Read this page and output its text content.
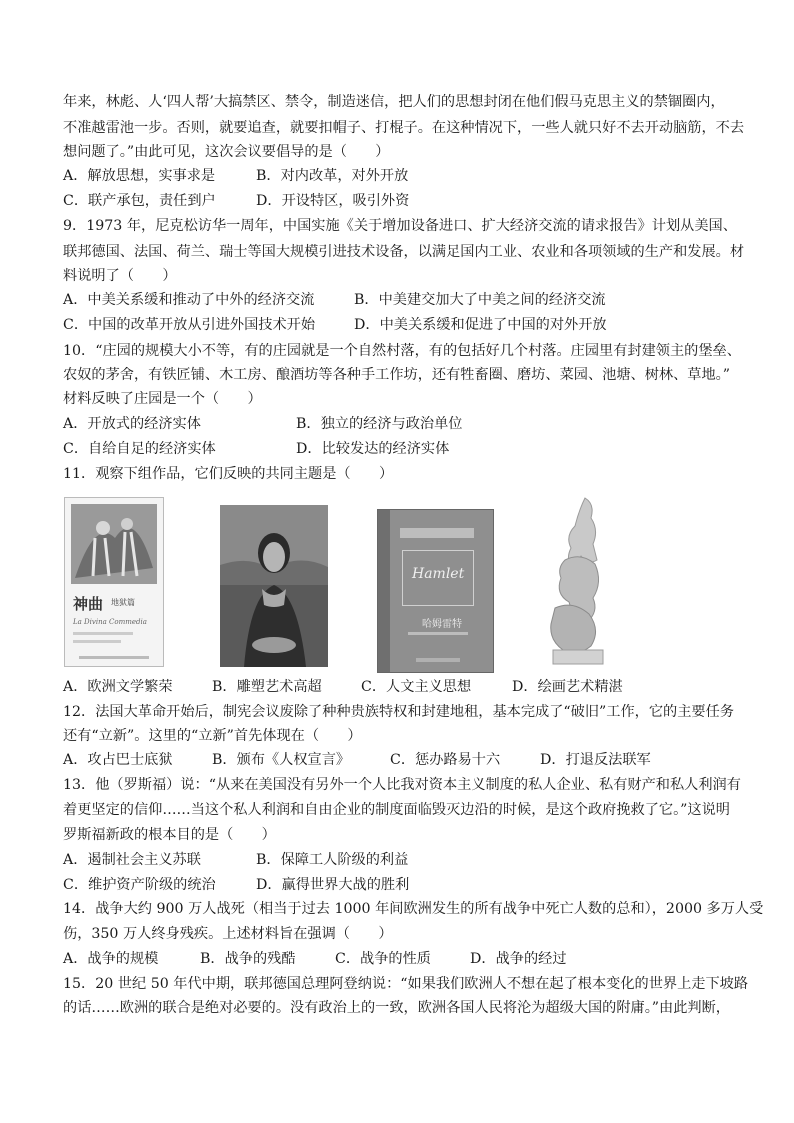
年来，林彪、人‘四人帮’大搞禁区、禁令，制造迷信，把人们的思想封闭在他们假马克思主义的禁锢圈内，
不准越雷池一步。否则，就要追查，就要扣帽子、打棍子。在这种情况下，一些人就只好不去开动脑筋，不去
想问题了。”由此可见，这次会议要倡导的是（　　）
A．解放思想，实事求是	B．对内改革，对外开放
C．联产承包，责任到户	D．开设特区，吸引外资
9．1973 年，尼克松访华一周年，中国实施《关于增加设备进口、扩大经济交流的请求报告》计划从美国、
联邦德国、法国、荷兰、瑞士等国大规模引进技术设备，以满足国内工业、农业和各项领域的生产和发展。材
料说明了（　　）
A．中美关系缓和推动了中外的经济交流	B．中美建交加大了中美之间的经济交流
C．中国的改革开放从引进外国技术开始	D．中美关系缓和促进了中国的对外开放
10．“庄园的规模大小不等，有的庄园就是一个自然村落，有的包括好几个村落。庄园里有封建领主的堡垒、
农奴的茅舍，有铁匠铺、木工房、酿酒坊等各种手工作坊，还有牲畜圈、磨坊、菜园、池塘、树林、草地。”
材料反映了庄园是一个（　　）
A．开放式的经济实体	B．独立的经济与政治单位
C．自给自足的经济实体	D．比较发达的经济实体
11．观察下组作品，它们反映的共同主题是（　　）
神曲 地狱篇
La Divina Commedia
Hamlet
哈姆雷特
A．欧洲文学繁荣	B．雕塑艺术高超	C．人文主义思想	D．绘画艺术精湛
12．法国大革命开始后，制宪会议废除了种种贵族特权和封建地租，基本完成了“破旧”工作，它的主要任务
还有“立新”。这里的“立新”首先体现在（　　）
A．攻占巴士底狱	B．颁布《人权宣言》	C．惩办路易十六	D．打退反法联军
13．他（罗斯福）说：“从来在美国没有另外一个人比我对资本主义制度的私人企业、私有财产和私人利润有
着更坚定的信仰……当这个私人利润和自由企业的制度面临毁灭边沿的时候，是这个政府挽救了它。”这说明
罗斯福新政的根本目的是（　　）
A．遏制社会主义苏联	B．保障工人阶级的利益
C．维护资产阶级的统治	D．赢得世界大战的胜利
14．战争大约 900 万人战死（相当于过去 1000 年间欧洲发生的所有战争中死亡人数的总和），2000 多万人受
伤，350 万人终身残疾。上述材料旨在强调（　　）
A．战争的规模	B．战争的残酷	C．战争的性质	D．战争的经过
15．20 世纪 50 年代中期，联邦德国总理阿登纳说：“如果我们欧洲人不想在起了根本变化的世界上走下坡路
的话……欧洲的联合是绝对必要的。没有政治上的一致，欧洲各国人民将沦为超级大国的附庸。”由此判断，
